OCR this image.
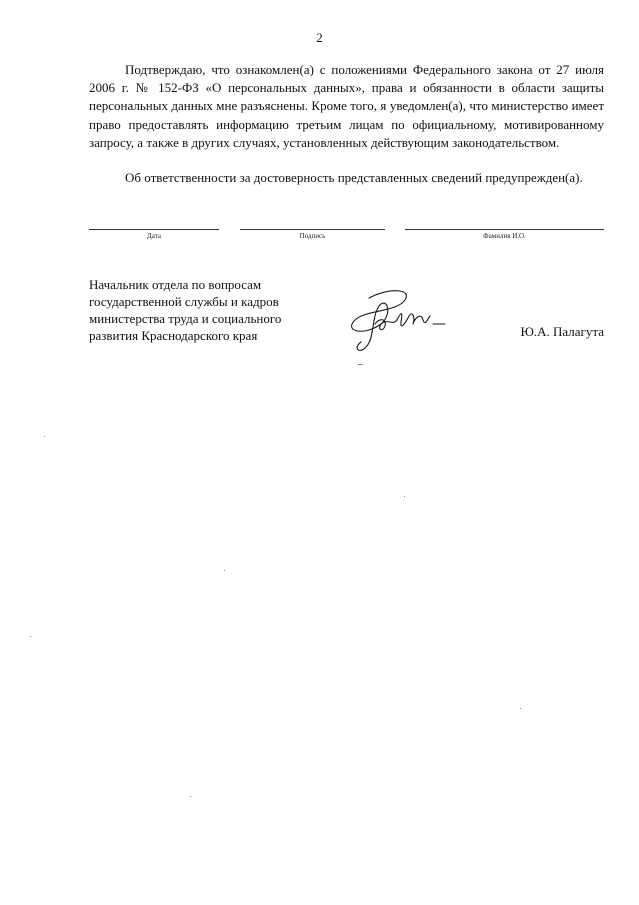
2
Подтверждаю, что ознакомлен(а) с положениями Федерального закона от 27 июля 2006 г. № 152-ФЗ «О персональных данных», права и обязанности в области защиты персональных данных мне разъяснены. Кроме того, я уведомлен(а), что министерство имеет право предоставлять информацию третьим лицам по официальному, мотивированному запросу, а также в других случаях, установленных действующим законодательством.
Об ответственности за достоверность представленных сведений предупрежден(а).
Дата	Подпись	Фамилия И.О.
Начальник отдела по вопросам
государственной службы и кадров
министерства труда и социального
развития Краснодарского края	Ю.А. Палагута
